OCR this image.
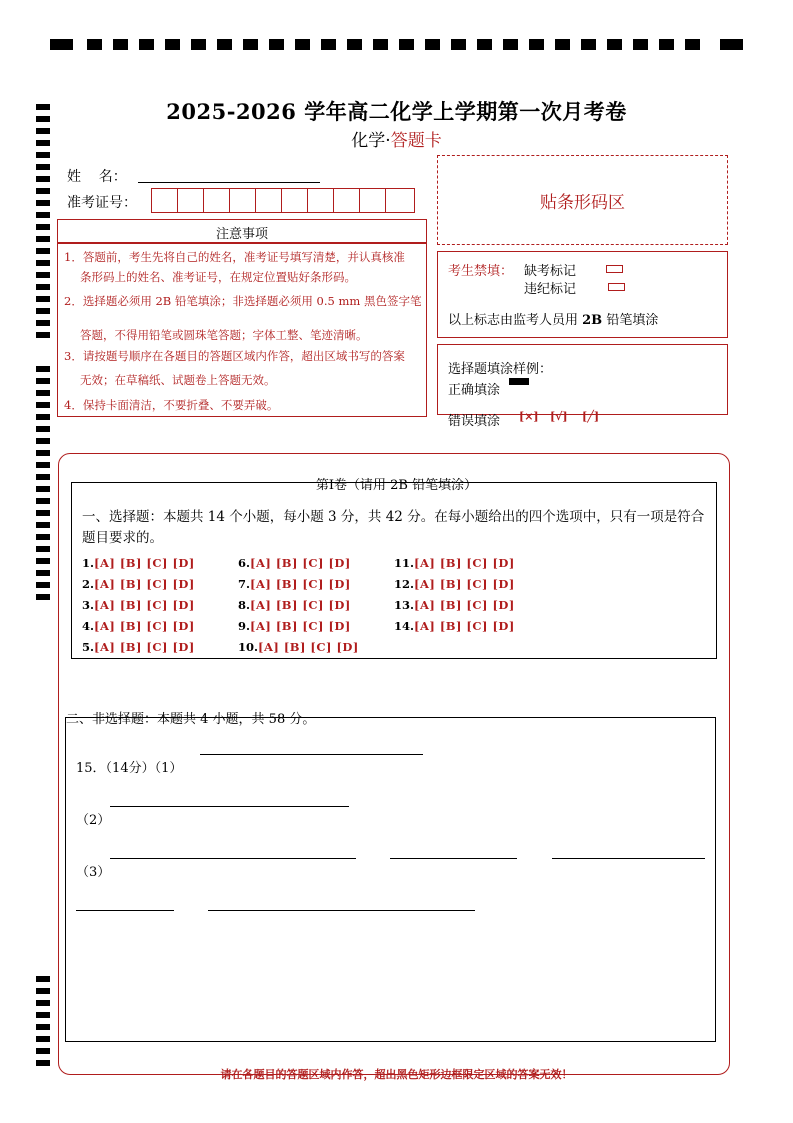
2025-2026 学年高二化学上学期第一次月考卷
化学·答题卡
姓    名：
准考证号：	贴条形码区
注意事项
1．答题前，考生先将自己的姓名，准考证号填写清楚，并认真核准
条形码上的姓名、准考证号，在规定位置贴好条形码。
2．选择题必须用 2B 铅笔填涂；非选择题必须用 0.5 mm 黑色签字笔
答题，不得用铅笔或圆珠笔答题；字体工整、笔迹清晰。
3．请按题号顺序在各题目的答题区域内作答，超出区域书写的答案
无效；在草稿纸、试题卷上答题无效。
4．保持卡面清洁，不要折叠、不要弄破。
考生禁填： 缺考标记
违纪标记
以上标志由监考人员用 2B 铅笔填涂
选择题填涂样例：
正确填涂
错误填涂 [×] [√] [╱]
第Ⅰ卷（请用 2B 铅笔填涂）
一、选择题：本题共 14 个小题，每小题 3 分，共 42 分。在每小题给出的四个选项中，只有一项是符合题目要求的。
1.[A] [B] [C] [D]
2.[A] [B] [C] [D]
3.[A] [B] [C] [D]
4.[A] [B] [C] [D]
5.[A] [B] [C] [D]
6.[A] [B] [C] [D]
7.[A] [B] [C] [D]
8.[A] [B] [C] [D]
9.[A] [B] [C] [D]
10.[A] [B] [C] [D]
11.[A] [B] [C] [D]
12.[A] [B] [C] [D]
13.[A] [B] [C] [D]
14.[A] [B] [C] [D]
二、非选择题：本题共 4 小题，共 58 分。
15．（14分）（1）
（2）
（3）
请在各题目的答题区域内作答，超出黑色矩形边框限定区域的答案无效！
